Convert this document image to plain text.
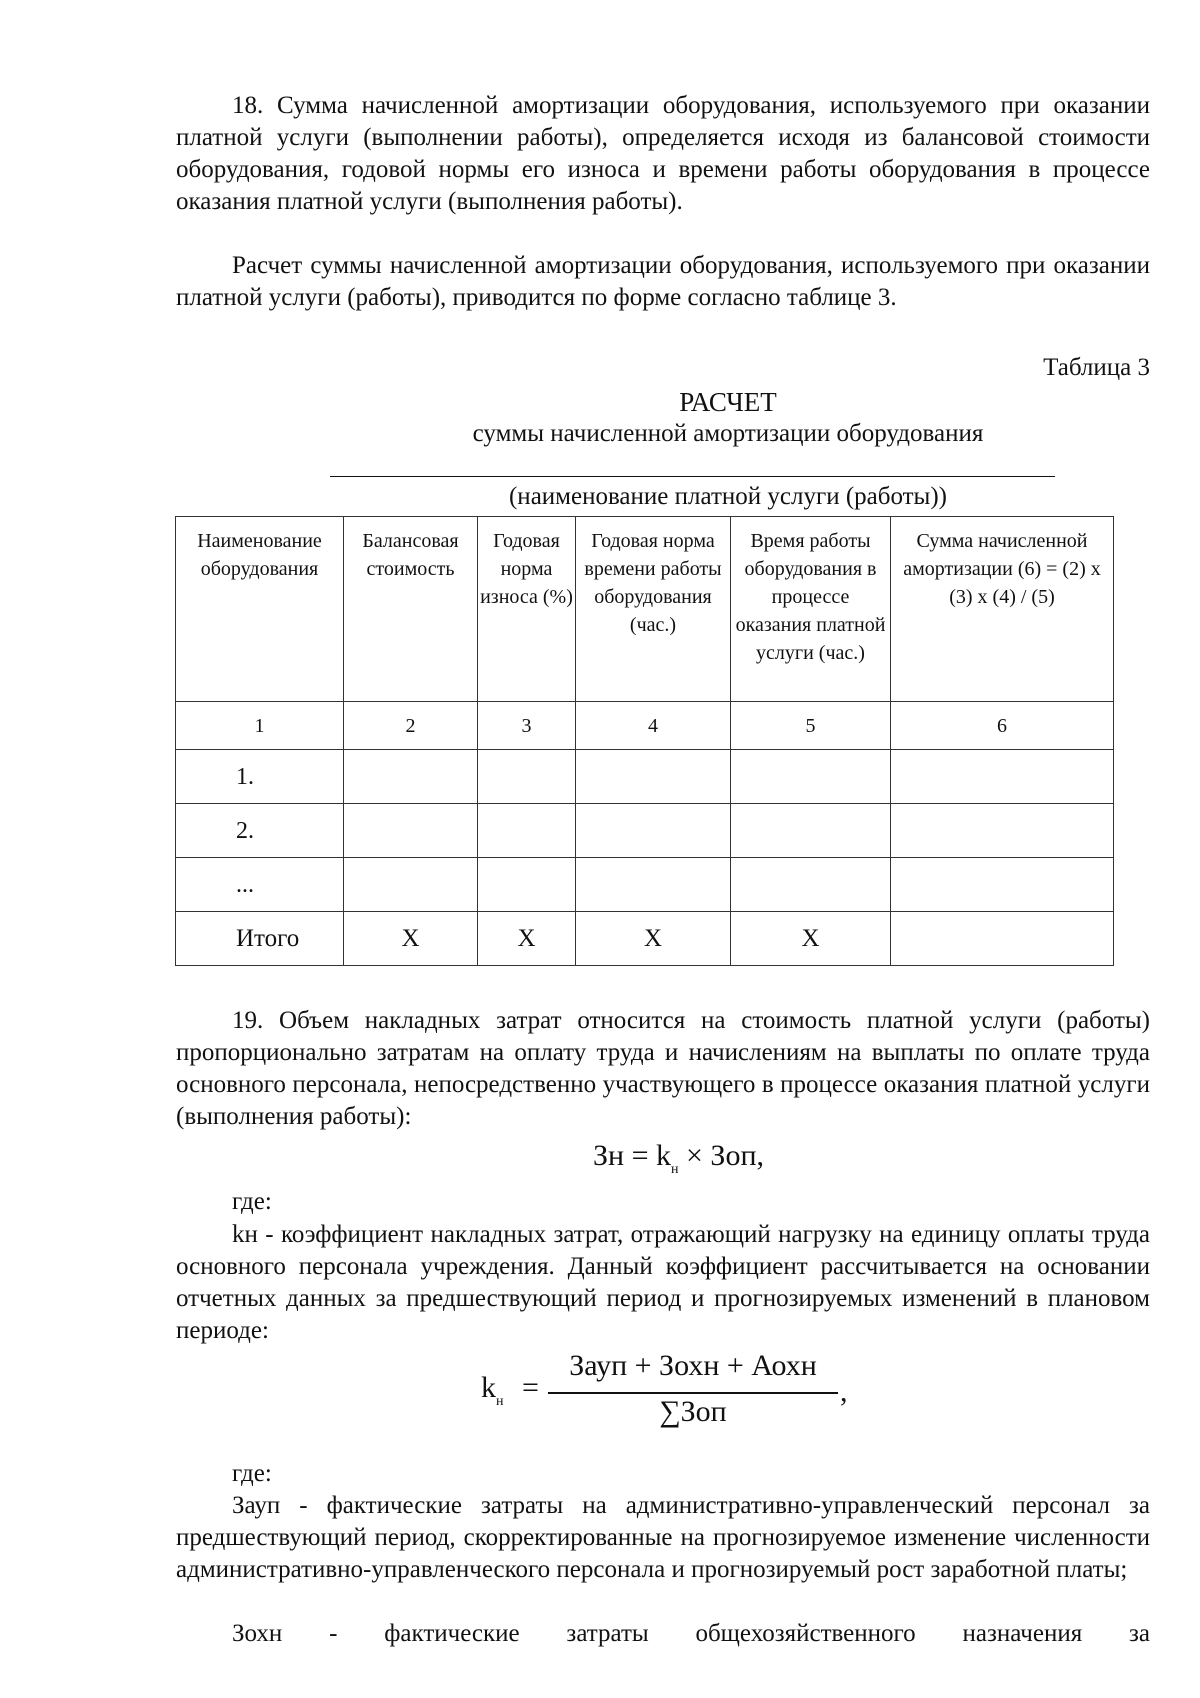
18. Сумма начисленной амортизации оборудования, используемого при оказании платной услуги (выполнении работы), определяется исходя из балансовой стоимости оборудования, годовой нормы его износа и времени работы оборудования в процессе оказания платной услуги (выполнения работы).

Расчет суммы начисленной амортизации оборудования, используемого при оказании платной услуги (работы), приводится по форме согласно таблице 3.

Таблица 3
РАСЧЕТ
суммы начисленной амортизации оборудования
(наименование платной услуги (работы))
Наименование оборудования	Балансовая стоимость	Годовая норма износа (%)	Годовая норма времени работы оборудования (час.)	Время работы оборудования в процессе оказания платной услуги (час.)	Сумма начисленной амортизации (6) = (2) х (3) х (4) / (5)
1	2	3	4	5	6
1.					
2.					
...					
Итого	Х	Х	Х	Х	

19. Объем накладных затрат относится на стоимость платной услуги (работы) пропорционально затратам на оплату труда и начислениям на выплаты по оплате труда основного персонала, непосредственно участвующего в процессе оказания платной услуги (выполнения работы):

Зн = $k_н$ × Зоп,
где:

kн - коэффициент накладных затрат, отражающий нагрузку на единицу оплаты труда основного персонала учреждения. Данный коэффициент рассчитывается на основании отчетных данных за предшествующий период и прогнозируемых изменений в плановом периоде:

$k_н$ =
Зауп + Зохн + Аохн
∑Зоп
,
где:

Зауп - фактические затраты на административно-управленческий персонал за предшествующий период, скорректированные на прогнозируемое изменение численности административно-управленческого персонала и прогнозируемый рост заработной платы;

Зохн - фактические затраты общехозяйственного назначения за
